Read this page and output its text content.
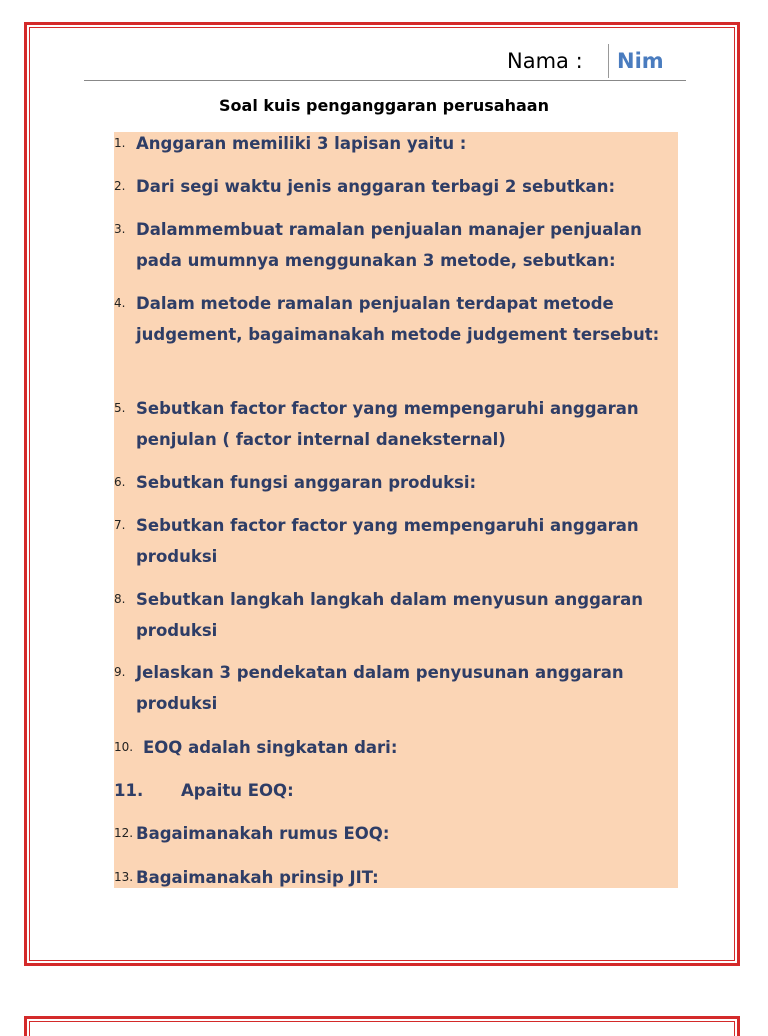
Nama : Nim
Soal kuis penganggaran perusahaan
1. Anggaran memiliki 3 lapisan yaitu :
2. Dari segi waktu jenis anggaran terbagi 2 sebutkan:
3. Dalammembuat ramalan penjualan manajer penjualan pada umumnya menggunakan 3 metode, sebutkan:
4. Dalam metode ramalan penjualan terdapat metode judgement, bagaimanakah metode judgement tersebut:
5. Sebutkan factor factor yang mempengaruhi anggaran penjulan ( factor internal daneksternal)
6. Sebutkan fungsi anggaran produksi:
7. Sebutkan factor factor yang mempengaruhi anggaran produksi
8. Sebutkan langkah langkah dalam menyusun anggaran produksi
9. Jelaskan 3 pendekatan dalam penyusunan anggaran produksi
10. EOQ adalah singkatan dari:
11. Apaitu EOQ:
12. Bagaimanakah rumus EOQ:
13. Bagaimanakah prinsip JIT:
